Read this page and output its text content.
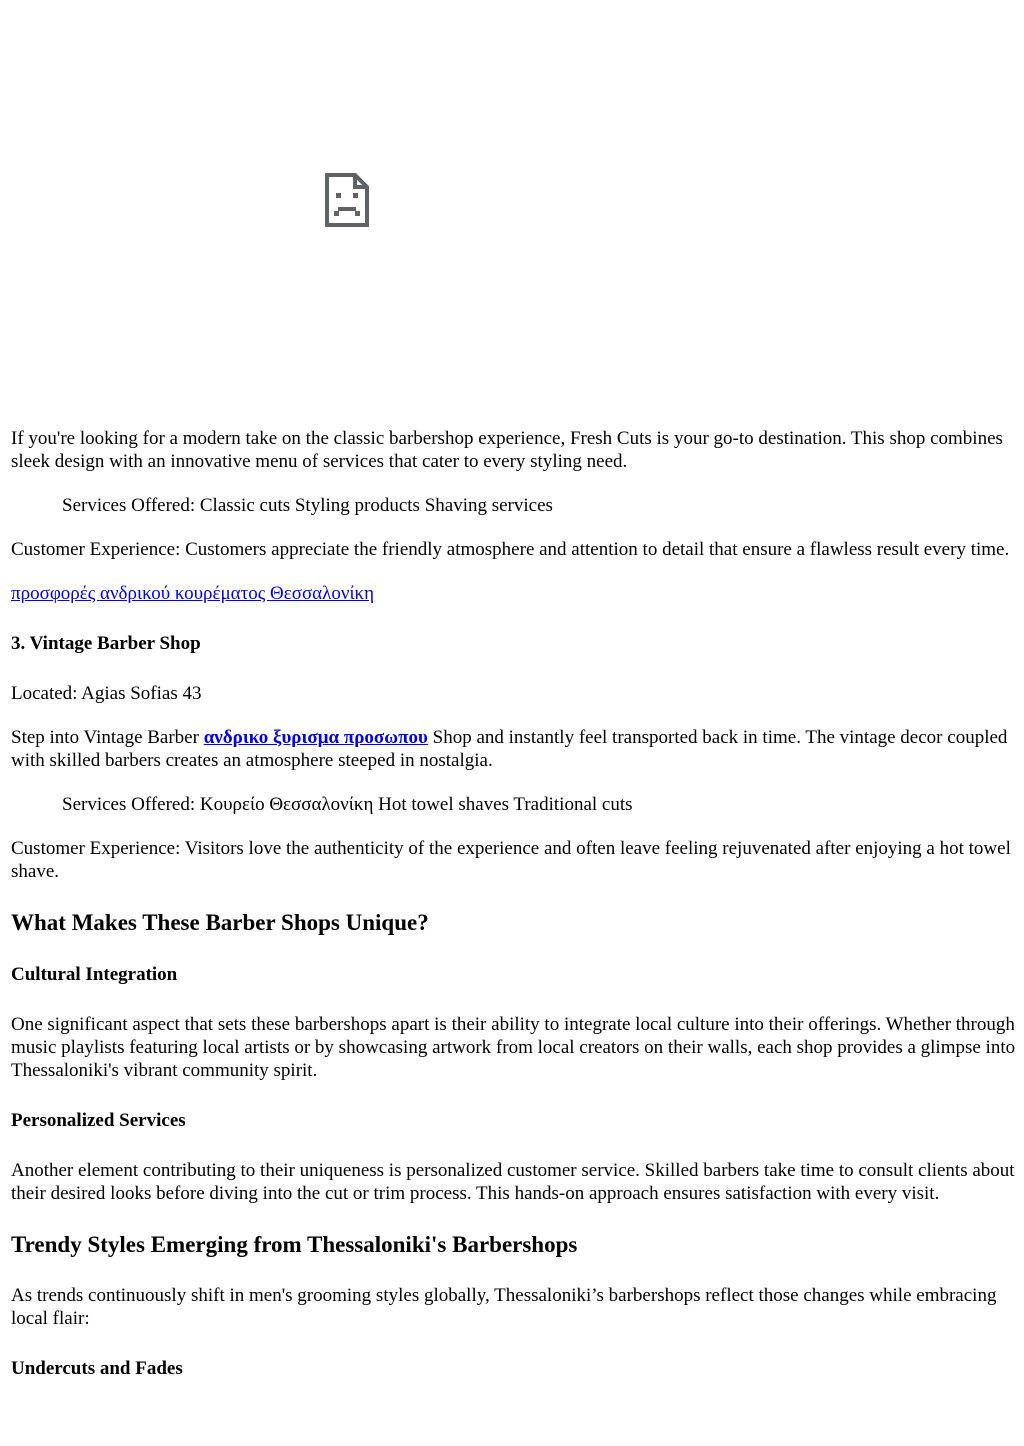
If you're looking for a modern take on the classic barbershop experience, Fresh Cuts is your go-to destination. This shop combines sleek design with an innovative menu of services that cater to every styling need.

Services Offered: Classic cuts Styling products Shaving services

Customer Experience: Customers appreciate the friendly atmosphere and attention to detail that ensure a flawless result every time.

προσφορές ανδρικού κουρέματος Θεσσαλονίκη

3. Vintage Barber Shop

Located: Agias Sofias 43

Step into Vintage Barber ανδρικο ξυρισμα προσωπου Shop and instantly feel transported back in time. The vintage decor coupled with skilled barbers creates an atmosphere steeped in nostalgia.

Services Offered: Κουρείο Θεσσαλονίκη Hot towel shaves Traditional cuts

Customer Experience: Visitors love the authenticity of the experience and often leave feeling rejuvenated after enjoying a hot towel shave.

What Makes These Barber Shops Unique?
Cultural Integration

One significant aspect that sets these barbershops apart is their ability to integrate local culture into their offerings. Whether through music playlists featuring local artists or by showcasing artwork from local creators on their walls, each shop provides a glimpse into Thessaloniki's vibrant community spirit.

Personalized Services

Another element contributing to their uniqueness is personalized customer service. Skilled barbers take time to consult clients about their desired looks before diving into the cut or trim process. This hands-on approach ensures satisfaction with every visit.

Trendy Styles Emerging from Thessaloniki's Barbershops

As trends continuously shift in men's grooming styles globally, Thessaloniki’s barbershops reflect those changes while embracing local flair:

Undercuts and Fades
